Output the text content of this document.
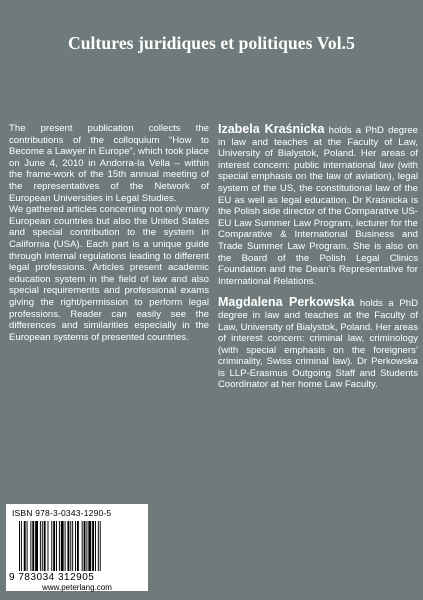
Cultures juridiques et politiques Vol.5

The present publication collects the contributions of the colloquium “How to Become a Lawyer in Europe”, which took place on June 4, 2010 in Andorra-la Vella – within the frame-work of the 15th annual meeting of the representatives of the Network of European Universities in Legal Studies.

We gathered articles concerning not only many European countries but also the United States and special contribution to the system in California (USA). Each part is a unique guide through internal regulations leading to different legal professions. Articles present academic education system in the field of law and also special requirements and professional exams giving the right/permission to perform legal professions. Reader can easily see the differences and similarities especially in the European systems of presented countries.

Izabela Kraśnicka holds a PhD degree in law and teaches at the Faculty of Law, University of Bialystok, Poland. Her areas of interest concern: public international law (with special emphasis on the law of aviation), legal system of the US, the constitutional law of the EU as well as legal education. Dr Kraśnicka is the Polish side director of the Comparative US-EU Law Summer Law Program, lecturer for the Comparative & International Business and Trade Summer Law Program. She is also on the Board of the Polish Legal Clinics Foundation and the Dean’s Representative for International Relations.

Magdalena Perkowska holds a PhD degree in law and teaches at the Faculty of Law, University of Bialystok, Poland. Her areas of interest concern: criminal law, criminology (with special emphasis on the foreigners’ criminality, Swiss criminal law). Dr Perkowska is LLP-Erasmus Outgoing Staff and Students Coordinator at her home Law Faculty.

ISBN 978-3-0343-1290-5
9 783034 312905
www.peterlang.com
